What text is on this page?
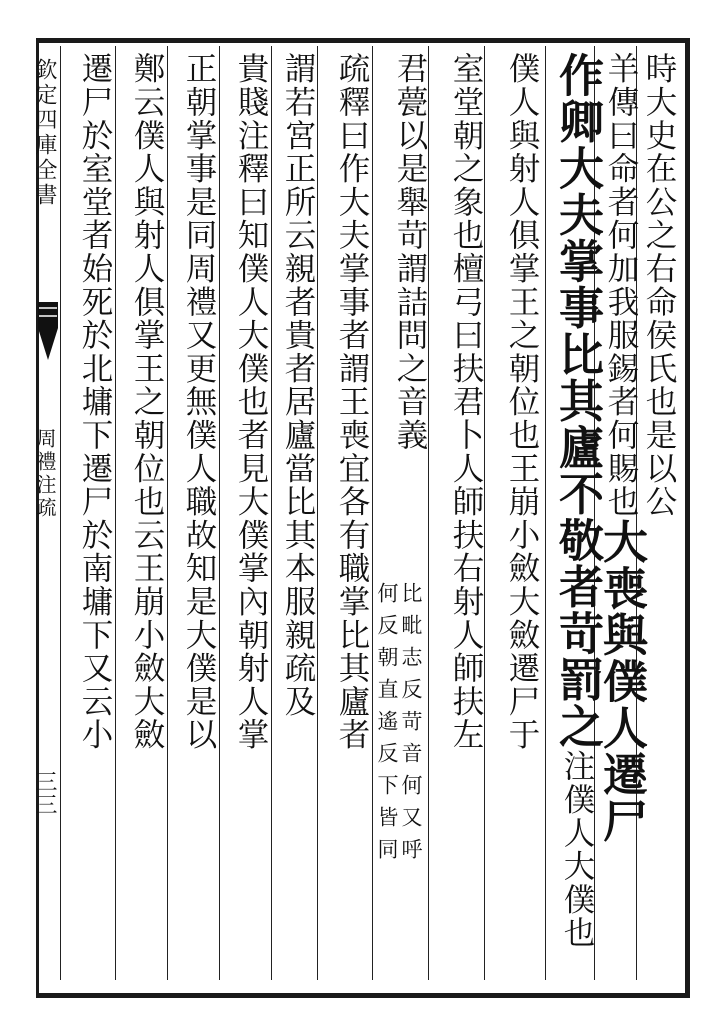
欽定四庫全書
周禮注疏
三三
時大史在公之右命侯氏也是以公
羊傳曰命者何加我服錫者何賜也大喪與僕人遷尸
作卿大夫掌事比其廬不敬者苛罰之注僕人大僕也
僕人與射人俱掌王之朝位也王崩小斂大斂遷尸于
室堂朝之象也檀弓曰扶君卜人師扶右射人師扶左
君甍以是舉苛謂詰問之音義
比毗志反苛音何又呼
何反朝直遙反下皆同
疏釋曰作大夫掌事者謂王喪宜各有職掌比其廬者
謂若宮正所云親者貴者居廬當比其本服親疏及
貴賤注釋曰知僕人大僕也者見大僕掌內朝射人掌
正朝掌事是同周禮又更無僕人職故知是大僕是以
鄭云僕人與射人俱掌王之朝位也云王崩小斂大斂
遷尸於室堂者始死於北墉下遷尸於南墉下又云小
